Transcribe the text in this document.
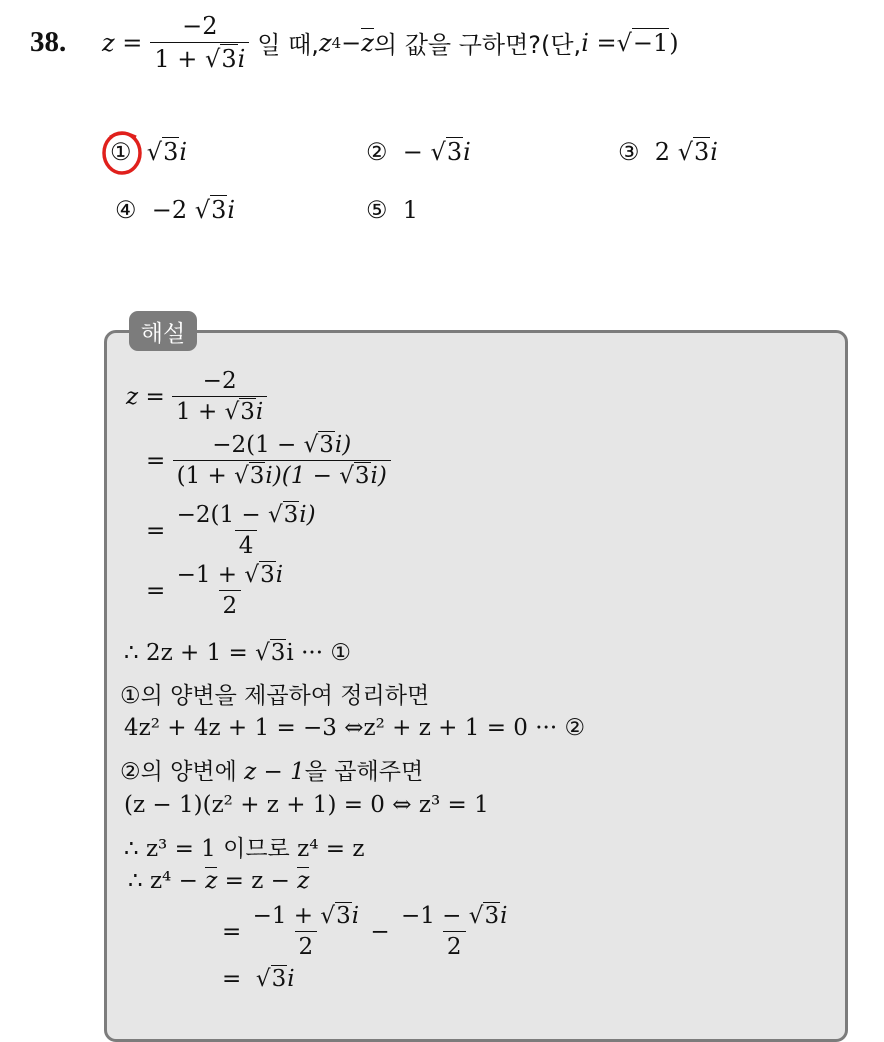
38. $z = \frac{-2}{1 + √3i}$ 일 때, z 4 − z 의 값을 구하면?(단, i = √−1 )
① √3i	② − √3i	③ 2 √3i
④ −2 √3i	⑤ 1
해설
z
=
$\frac{-2}{1 + √3i}$
=
$\frac{-2(1 - √3i)}{(1 + √3i)(1 - √3i)}$
=
$\frac{-2(1 - √3i)}{4}$
=
$\frac{-1 + √3i}{2}$
∴ 2z + 1 = √3i ··· ①
①의 양변을 제곱하여 정리하면
4z² + 4z + 1 = −3 ⇔z² + z + 1 = 0 ··· ②
②의 양변에 z − 1을 곱해주면
(z − 1)(z² + z + 1) = 0 ⇔ z³ = 1
∴ z³ = 1 이므로 z⁴ = z
∴ z⁴ − z = z − z
=
$\frac{-1 + √3i}{2}$
−
$\frac{-1 - √3i}{2}$
= √3i
